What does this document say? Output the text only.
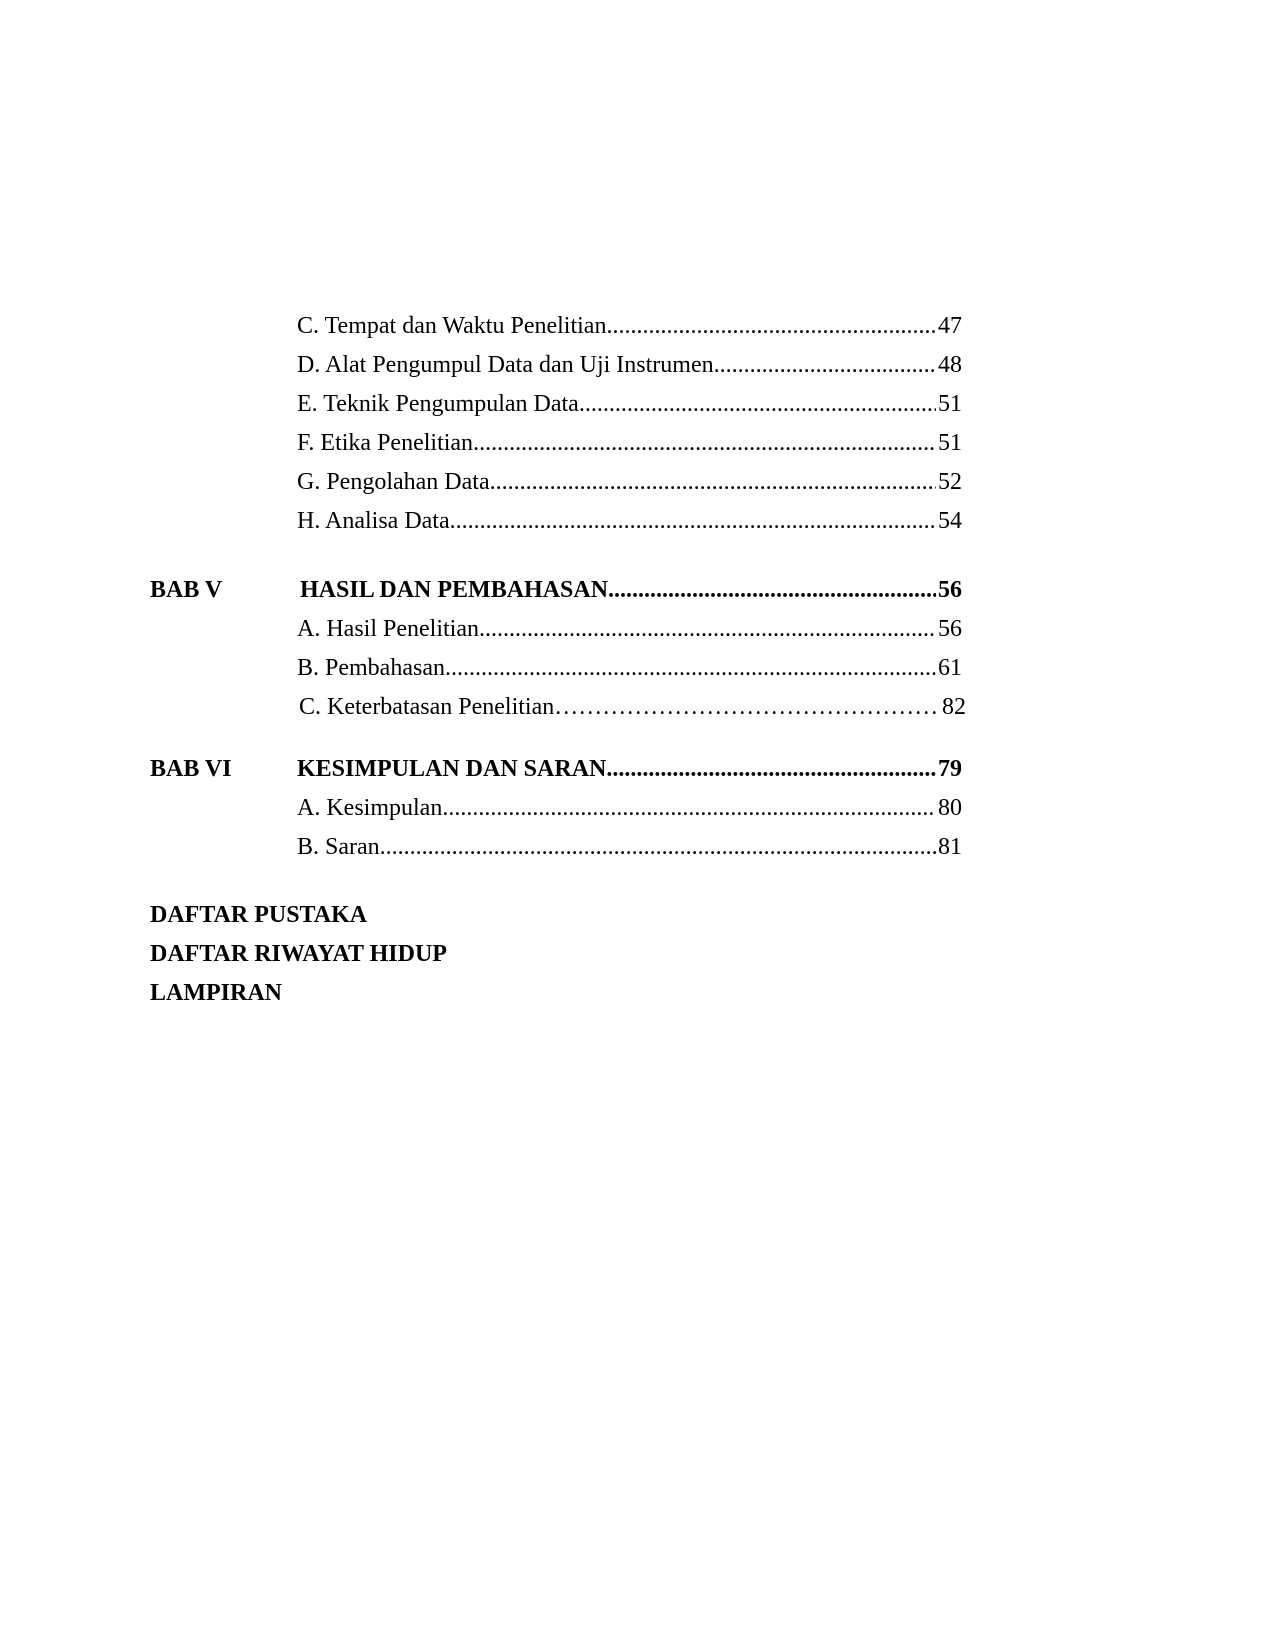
C. Tempat dan Waktu Penelitian .....	47
D. Alat Pengumpul Data dan Uji Instrumen .....	48
E. Teknik Pengumpulan Data .....	51
F. Etika Penelitian .....	51
G. Pengolahan Data .....	52
H. Analisa Data .....	54
BAB V	HASIL DAN PEMBAHASAN .....	56
A. Hasil Penelitian .....	56
B. Pembahasan .....	61
C. Keterbatasan Penelitian ……………………………………………………………………………………………………………………………………	82
BAB VI	KESIMPULAN DAN SARAN .....	79
A. Kesimpulan .....	80
B. Saran .....	81
DAFTAR PUSTAKA
DAFTAR RIWAYAT HIDUP
LAMPIRAN
